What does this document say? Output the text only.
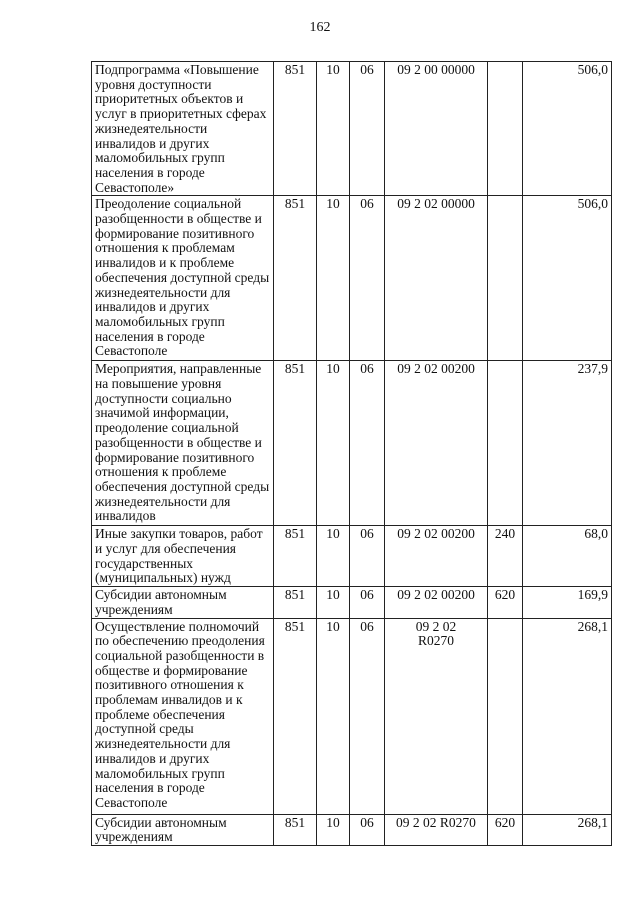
162
Подпрограмма «Повышение уровня доступности приоритетных объектов и услуг в приоритетных сферах жизнедеятельности инвалидов и других маломобильных групп населения в городе Севастополе»	851	10	06	09 2 00 00000		506,0
Преодоление социальной разобщенности в обществе и формирование позитивного отношения к проблемам инвалидов и к проблеме обеспечения доступной среды жизнедеятельности для инвалидов и других маломобильных групп населения в городе Севастополе	851	10	06	09 2 02 00000		506,0
Мероприятия, направленные на повышение уровня доступности социально значимой информации, преодоление социальной разобщенности в обществе и формирование позитивного отношения к проблеме обеспечения доступной среды жизнедеятельности для инвалидов	851	10	06	09 2 02 00200		237,9
Иные закупки товаров, работ и услуг для обеспечения государственных (муниципальных) нужд	851	10	06	09 2 02 00200	240	68,0
Субсидии автономным учреждениям	851	10	06	09 2 02 00200	620	169,9
Осуществление полномочий по обеспечению преодоления социальной разобщенности в обществе и формирование позитивного отношения к проблемам инвалидов и к проблеме обеспечения доступной среды жизнедеятельности для инвалидов и других маломобильных групп населения в городе Севастополе	851	10	06	09 2 02 R0270		268,1
Субсидии автономным учреждениям	851	10	06	09 2 02 R0270	620	268,1
